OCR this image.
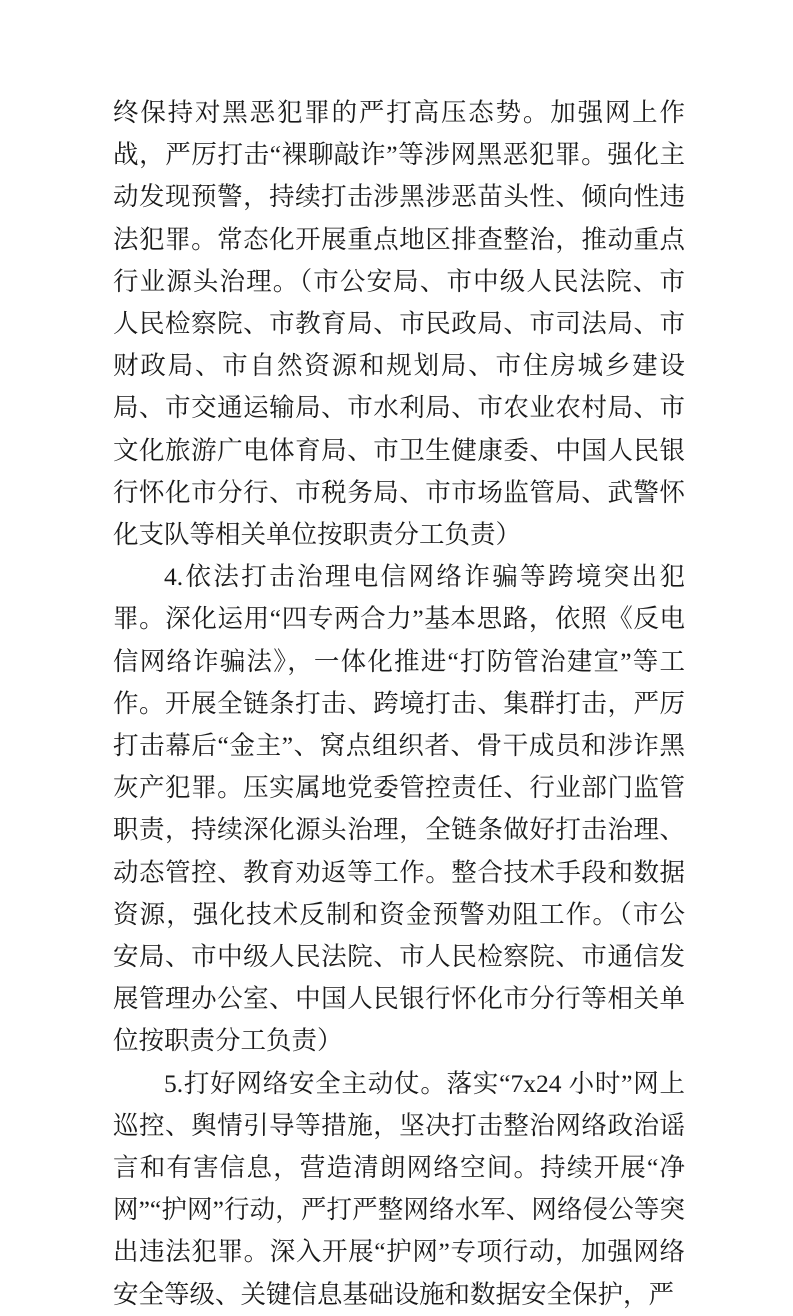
终保持对黑恶犯罪的严打高压态势。加强网上作战，严厉打击“裸聊敲诈”等涉网黑恶犯罪。强化主动发现预警，持续打击涉黑涉恶苗头性、倾向性违法犯罪。常态化开展重点地区排查整治，推动重点行业源头治理。（市公安局、市中级人民法院、市人民检察院、市教育局、市民政局、市司法局、市财政局、市自然资源和规划局、市住房城乡建设局、市交通运输局、市水利局、市农业农村局、市文化旅游广电体育局、市卫生健康委、中国人民银行怀化市分行、市税务局、市市场监管局、武警怀化支队等相关单位按职责分工负责）

4.依法打击治理电信网络诈骗等跨境突出犯罪。深化运用“四专两合力”基本思路，依照《反电信网络诈骗法》，一体化推进“打防管治建宣”等工作。开展全链条打击、跨境打击、集群打击，严厉打击幕后“金主”、窝点组织者、骨干成员和涉诈黑灰产犯罪。压实属地党委管控责任、行业部门监管职责，持续深化源头治理，全链条做好打击治理、动态管控、教育劝返等工作。整合技术手段和数据资源，强化技术反制和资金预警劝阻工作。（市公安局、市中级人民法院、市人民检察院、市通信发展管理办公室、中国人民银行怀化市分行等相关单位按职责分工负责）

5.打好网络安全主动仗。落实“7x24 小时”网上巡控、舆情引导等措施，坚决打击整治网络政治谣言和有害信息，营造清朗网络空间。持续开展“净网”“护网”行动，严打严整网络水军、网络侵公等突出违法犯罪。深入开展“护网”专项行动，加强网络安全等级、关键信息基础设施和数据安全保护，严
